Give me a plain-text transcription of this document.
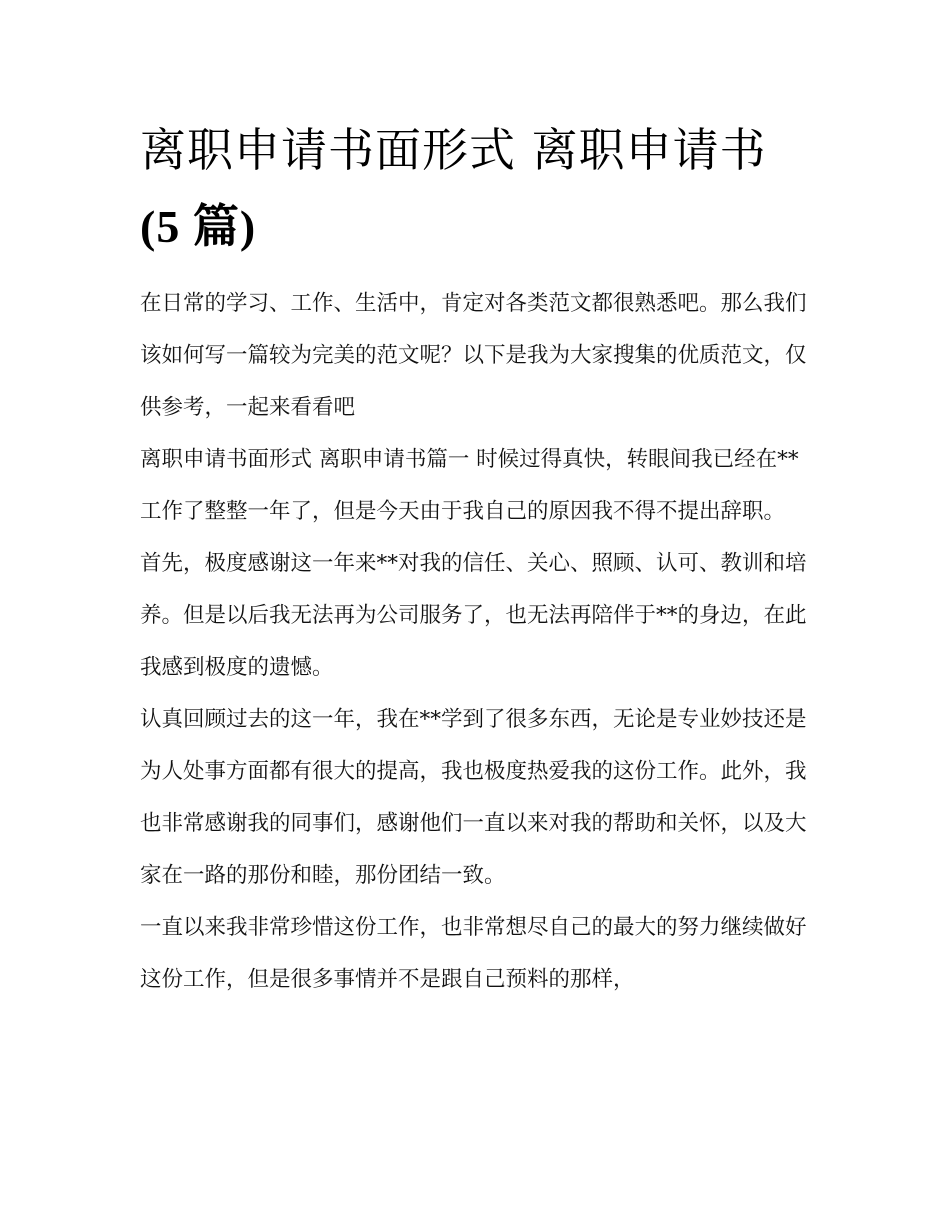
离职申请书面形式 离职申请书
(5 篇)

在日常的学习、工作、生活中，肯定对各类范文都很熟悉吧。那么我们该如何写一篇较为完美的范文呢？以下是我为大家搜集的优质范文，仅供参考，一起来看看吧

离职申请书面形式 离职申请书篇一 时候过得真快，转眼间我已经在**工作了整整一年了，但是今天由于我自己的原因我不得不提出辞职。

首先，极度感谢这一年来**对我的信任、关心、照顾、认可、教训和培养。但是以后我无法再为公司服务了，也无法再陪伴于**的身边，在此我感到极度的遗憾。

认真回顾过去的这一年，我在**学到了很多东西，无论是专业妙技还是为人处事方面都有很大的提高，我也极度热爱我的这份工作。此外，我也非常感谢我的同事们，感谢他们一直以来对我的帮助和关怀，以及大家在一路的那份和睦，那份团结一致。

一直以来我非常珍惜这份工作，也非常想尽自己的最大的努力继续做好这份工作，但是很多事情并不是跟自己预料的那样，
